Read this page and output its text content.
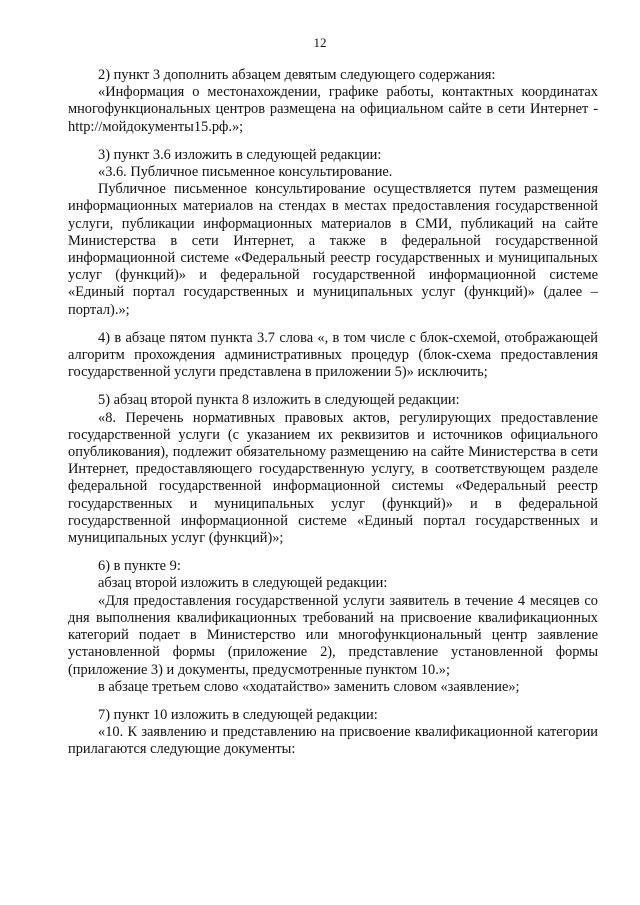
12

2) пункт 3 дополнить абзацем девятым следующего содержания:

«Информация о местонахождении, графике работы, контактных координатах многофункциональных центров размещена на официальном сайте в сети Интернет - http://мойдокументы15.рф.»;

3) пункт 3.6 изложить в следующей редакции:

«3.6. Публичное письменное консультирование.

Публичное письменное консультирование осуществляется путем размещения информационных материалов на стендах в местах предоставления государственной услуги, публикации информационных материалов в СМИ, публикаций на сайте Министерства в сети Интернет, а также в федеральной государственной информационной системе «Федеральный реестр государственных и муниципальных услуг (функций)» и федеральной государственной информационной системе «Единый портал государственных и муниципальных услуг (функций)» (далее – портал).»;

4) в абзаце пятом пункта 3.7 слова «, в том числе с блок-схемой, отображающей алгоритм прохождения административных процедур (блок-схема предоставления государственной услуги представлена в приложении 5)» исключить;

5) абзац второй пункта 8 изложить в следующей редакции:

«8. Перечень нормативных правовых актов, регулирующих предоставление государственной услуги (с указанием их реквизитов и источников официального опубликования), подлежит обязательному размещению на сайте Министерства в сети Интернет, предоставляющего государственную услугу, в соответствующем разделе федеральной государственной информационной системы «Федеральный реестр государственных и муниципальных услуг (функций)» и в федеральной государственной информационной системе «Единый портал государственных и муниципальных услуг (функций)»;

6) в пункте 9:

абзац второй изложить в следующей редакции:

«Для предоставления государственной услуги заявитель в течение 4 месяцев со дня выполнения квалификационных требований на присвоение квалификационных категорий подает в Министерство или многофункциональный центр заявление установленной формы (приложение 2), представление установленной формы (приложение 3) и документы, предусмотренные пунктом 10.»;

в абзаце третьем слово «ходатайство» заменить словом «заявление»;

7) пункт 10 изложить в следующей редакции:

«10. К заявлению и представлению на присвоение квалификационной категории прилагаются следующие документы:
